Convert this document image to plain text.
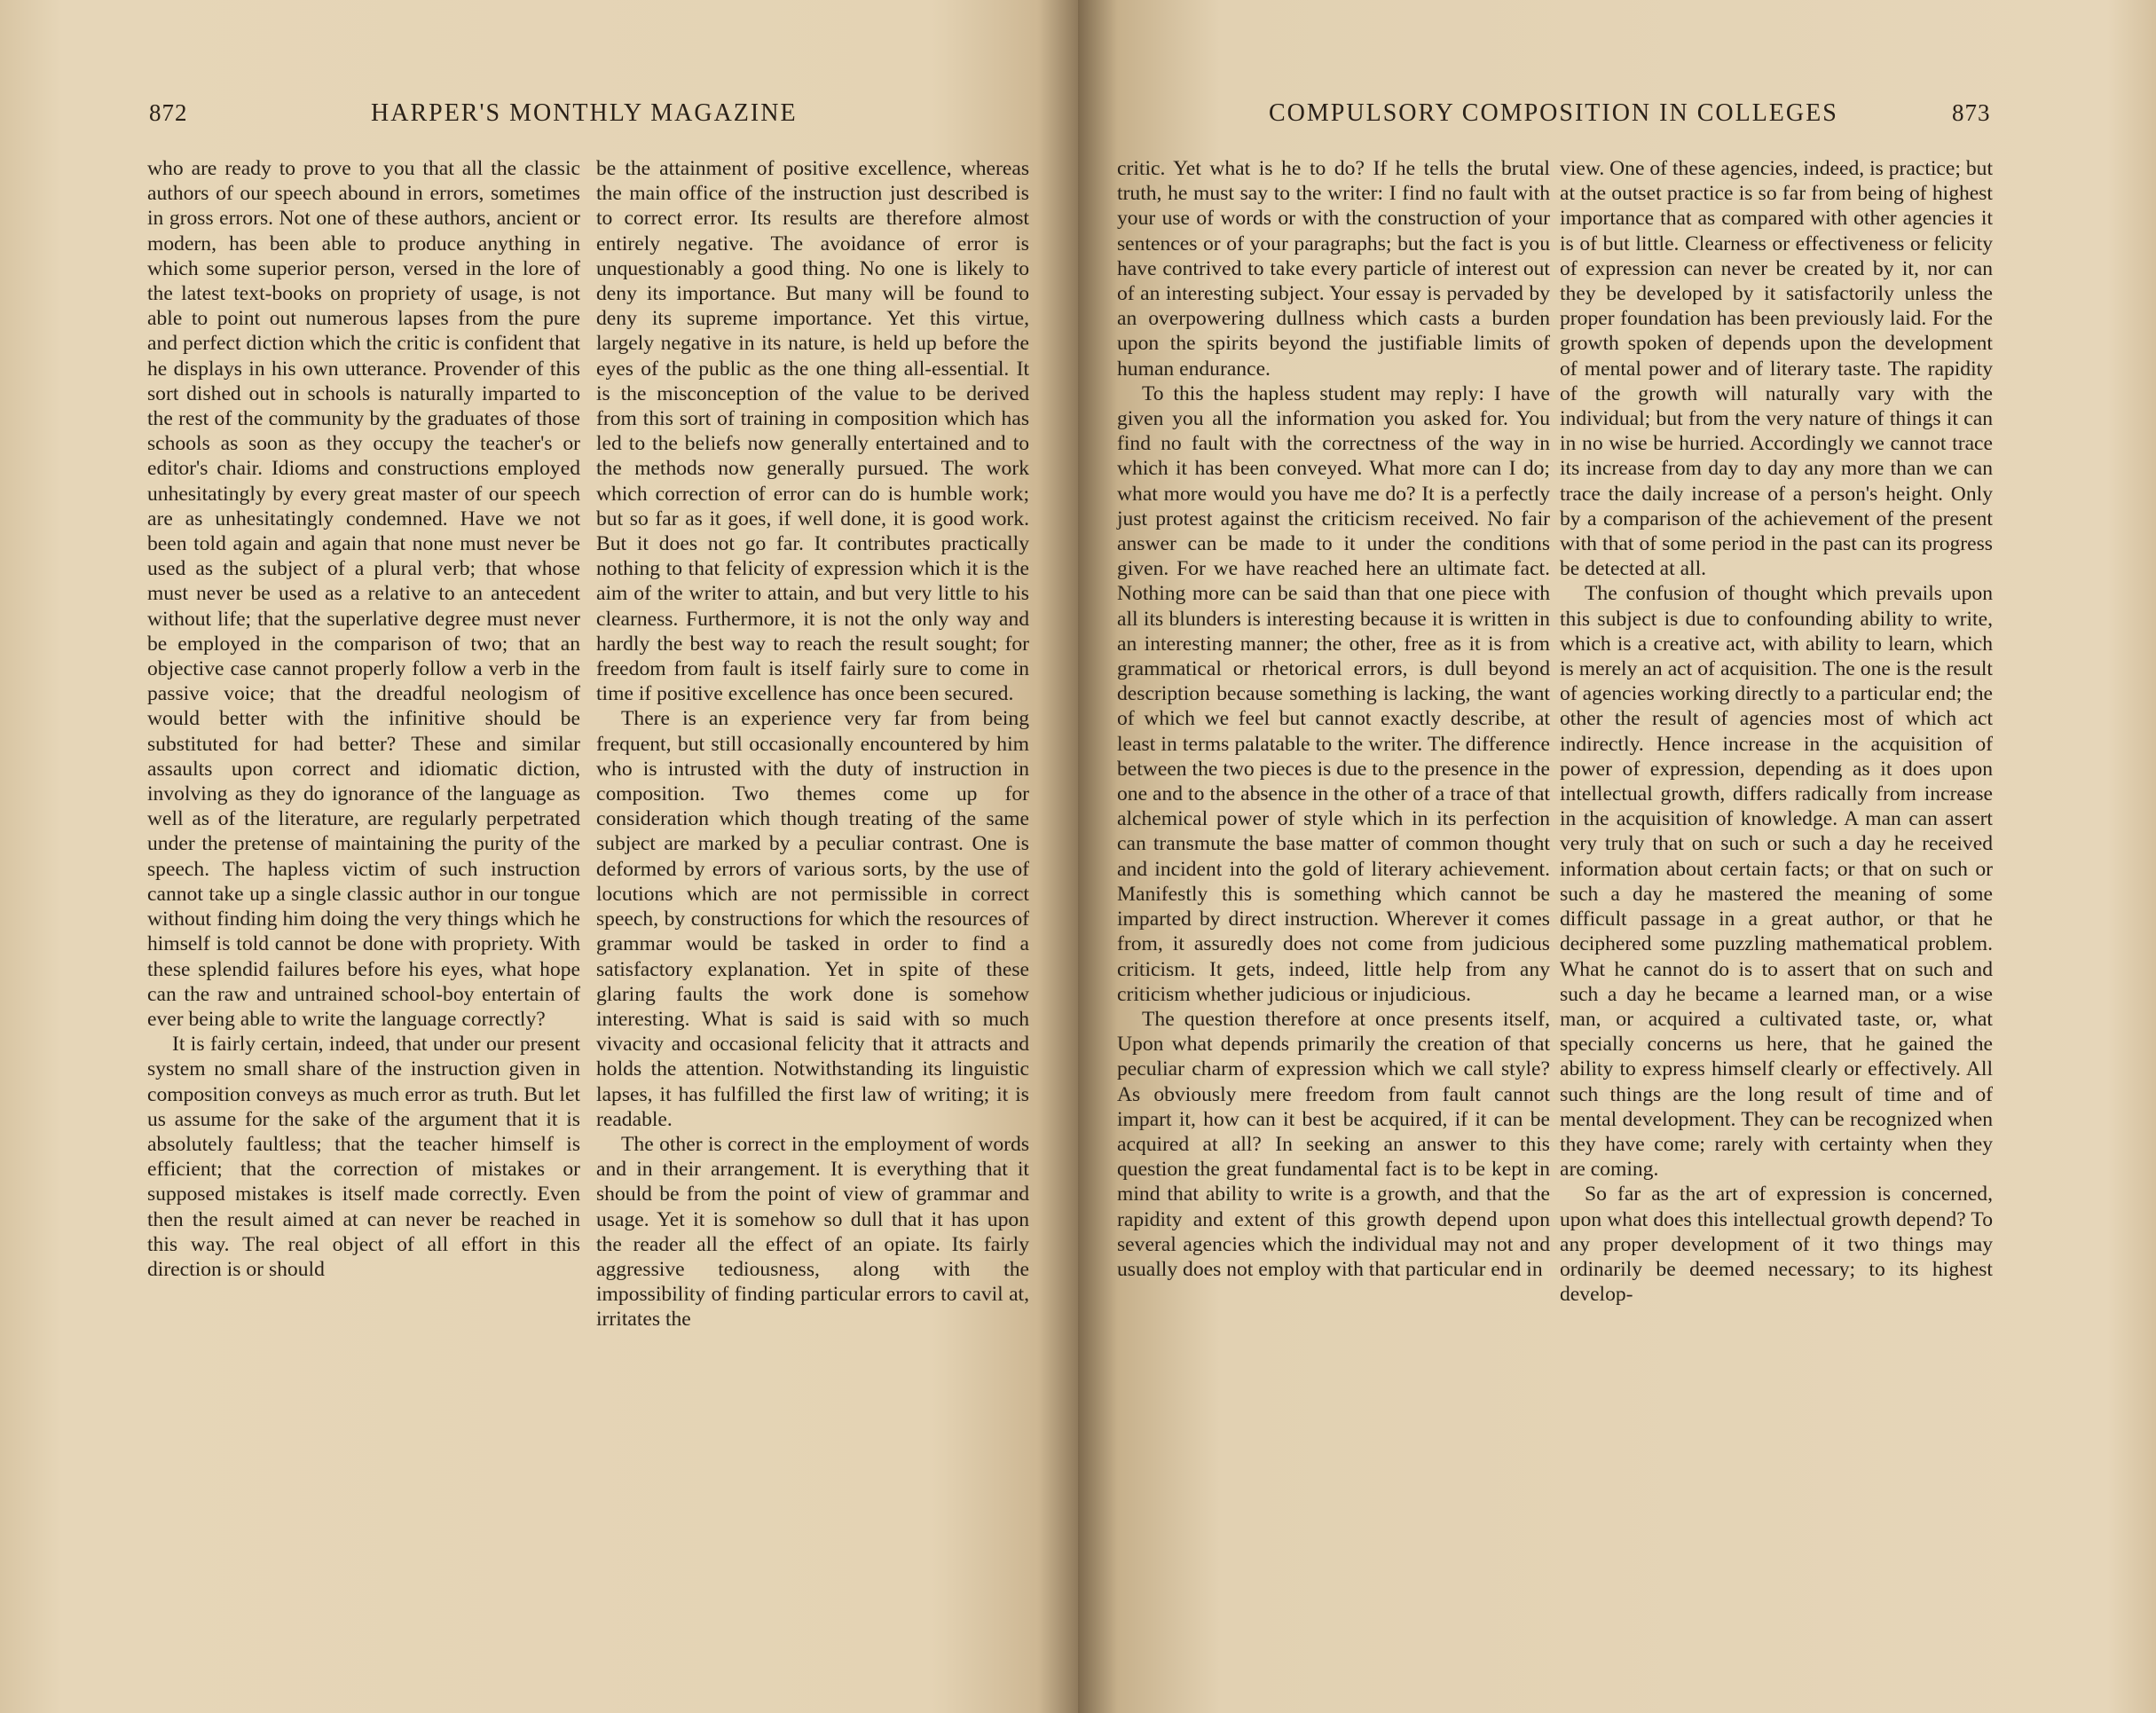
872	HARPER'S MONTHLY MAGAZINE

who are ready to prove to you that all the classic authors of our speech abound in errors, sometimes in gross errors. Not one of these authors, ancient or modern, has been able to produce anything in which some superior person, versed in the lore of the latest text-books on propriety of usage, is not able to point out numerous lapses from the pure and perfect diction which the critic is confident that he displays in his own utterance. Provender of this sort dished out in schools is naturally imparted to the rest of the community by the graduates of those schools as soon as they occupy the teacher's or editor's chair. Idioms and constructions employed unhesitatingly by every great master of our speech are as unhesitatingly condemned. Have we not been told again and again that none must never be used as the subject of a plural verb; that whose must never be used as a relative to an antecedent without life; that the superlative degree must never be employed in the comparison of two; that an objective case cannot properly follow a verb in the passive voice; that the dreadful neologism of would better with the infinitive should be substituted for had better? These and similar assaults upon correct and idiomatic diction, involving as they do ignorance of the language as well as of the literature, are regularly perpetrated under the pretense of maintaining the purity of the speech. The hapless victim of such instruction cannot take up a single classic author in our tongue without finding him doing the very things which he himself is told cannot be done with propriety. With these splendid failures before his eyes, what hope can the raw and untrained school-boy entertain of ever being able to write the language correctly?

It is fairly certain, indeed, that under our present system no small share of the instruction given in composition conveys as much error as truth. But let us assume for the sake of the argument that it is absolutely faultless; that the teacher himself is efficient; that the correction of mistakes or supposed mistakes is itself made correctly. Even then the result aimed at can never be reached in this way. The real object of all effort in this direction is or should

be the attainment of positive excellence, whereas the main office of the instruction just described is to correct error. Its results are therefore almost entirely negative. The avoidance of error is unquestionably a good thing. No one is likely to deny its importance. But many will be found to deny its supreme importance. Yet this virtue, largely negative in its nature, is held up before the eyes of the public as the one thing all-essential. It is the misconception of the value to be derived from this sort of training in composition which has led to the beliefs now generally entertained and to the methods now generally pursued. The work which correction of error can do is humble work; but so far as it goes, if well done, it is good work. But it does not go far. It contributes practically nothing to that felicity of expression which it is the aim of the writer to attain, and but very little to his clearness. Furthermore, it is not the only way and hardly the best way to reach the result sought; for freedom from fault is itself fairly sure to come in time if positive excellence has once been secured.

There is an experience very far from being frequent, but still occasionally encountered by him who is intrusted with the duty of instruction in composition. Two themes come up for consideration which though treating of the same subject are marked by a peculiar contrast. One is deformed by errors of various sorts, by the use of locutions which are not permissible in correct speech, by constructions for which the resources of grammar would be tasked in order to find a satisfactory explanation. Yet in spite of these glaring faults the work done is somehow interesting. What is said is said with so much vivacity and occasional felicity that it attracts and holds the attention. Notwithstanding its linguistic lapses, it has fulfilled the first law of writing; it is readable.

The other is correct in the employment of words and in their arrangement. It is everything that it should be from the point of view of grammar and usage. Yet it is somehow so dull that it has upon the reader all the effect of an opiate. Its fairly aggressive tediousness, along with the impossibility of finding particular errors to cavil at, irritates the

COMPULSORY COMPOSITION IN COLLEGES	873

critic. Yet what is he to do? If he tells the brutal truth, he must say to the writer: I find no fault with your use of words or with the construction of your sentences or of your paragraphs; but the fact is you have contrived to take every particle of interest out of an interesting subject. Your essay is pervaded by an overpowering dullness which casts a burden upon the spirits beyond the justifiable limits of human endurance.

To this the hapless student may reply: I have given you all the information you asked for. You find no fault with the correctness of the way in which it has been conveyed. What more can I do; what more would you have me do? It is a perfectly just protest against the criticism received. No fair answer can be made to it under the conditions given. For we have reached here an ultimate fact. Nothing more can be said than that one piece with all its blunders is interesting because it is written in an interesting manner; the other, free as it is from grammatical or rhetorical errors, is dull beyond description because something is lacking, the want of which we feel but cannot exactly describe, at least in terms palatable to the writer. The difference between the two pieces is due to the presence in the one and to the absence in the other of a trace of that alchemical power of style which in its perfection can transmute the base matter of common thought and incident into the gold of literary achievement. Manifestly this is something which cannot be imparted by direct instruction. Wherever it comes from, it assuredly does not come from judicious criticism. It gets, indeed, little help from any criticism whether judicious or injudicious.

The question therefore at once presents itself, Upon what depends primarily the creation of that peculiar charm of expression which we call style? As obviously mere freedom from fault cannot impart it, how can it best be acquired, if it can be acquired at all? In seeking an answer to this question the great fundamental fact is to be kept in mind that ability to write is a growth, and that the rapidity and extent of this growth depend upon several agencies which the individual may not and usually does not employ with that particular end in

view. One of these agencies, indeed, is practice; but at the outset practice is so far from being of highest importance that as compared with other agencies it is of but little. Clearness or effectiveness or felicity of expression can never be created by it, nor can they be developed by it satisfactorily unless the proper foundation has been previously laid. For the growth spoken of depends upon the development of mental power and of literary taste. The rapidity of the growth will naturally vary with the individual; but from the very nature of things it can in no wise be hurried. Accordingly we cannot trace its increase from day to day any more than we can trace the daily increase of a person's height. Only by a comparison of the achievement of the present with that of some period in the past can its progress be detected at all.

The confusion of thought which prevails upon this subject is due to confounding ability to write, which is a creative act, with ability to learn, which is merely an act of acquisition. The one is the result of agencies working directly to a particular end; the other the result of agencies most of which act indirectly. Hence increase in the acquisition of power of expression, depending as it does upon intellectual growth, differs radically from increase in the acquisition of knowledge. A man can assert very truly that on such or such a day he received information about certain facts; or that on such or such a day he mastered the meaning of some difficult passage in a great author, or that he deciphered some puzzling mathematical problem. What he cannot do is to assert that on such and such a day he became a learned man, or a wise man, or acquired a cultivated taste, or, what specially concerns us here, that he gained the ability to express himself clearly or effectively. All such things are the long result of time and of mental development. They can be recognized when they have come; rarely with certainty when they are coming.

So far as the art of expression is concerned, upon what does this intellectual growth depend? To any proper development of it two things may ordinarily be deemed necessary; to its highest develop-
